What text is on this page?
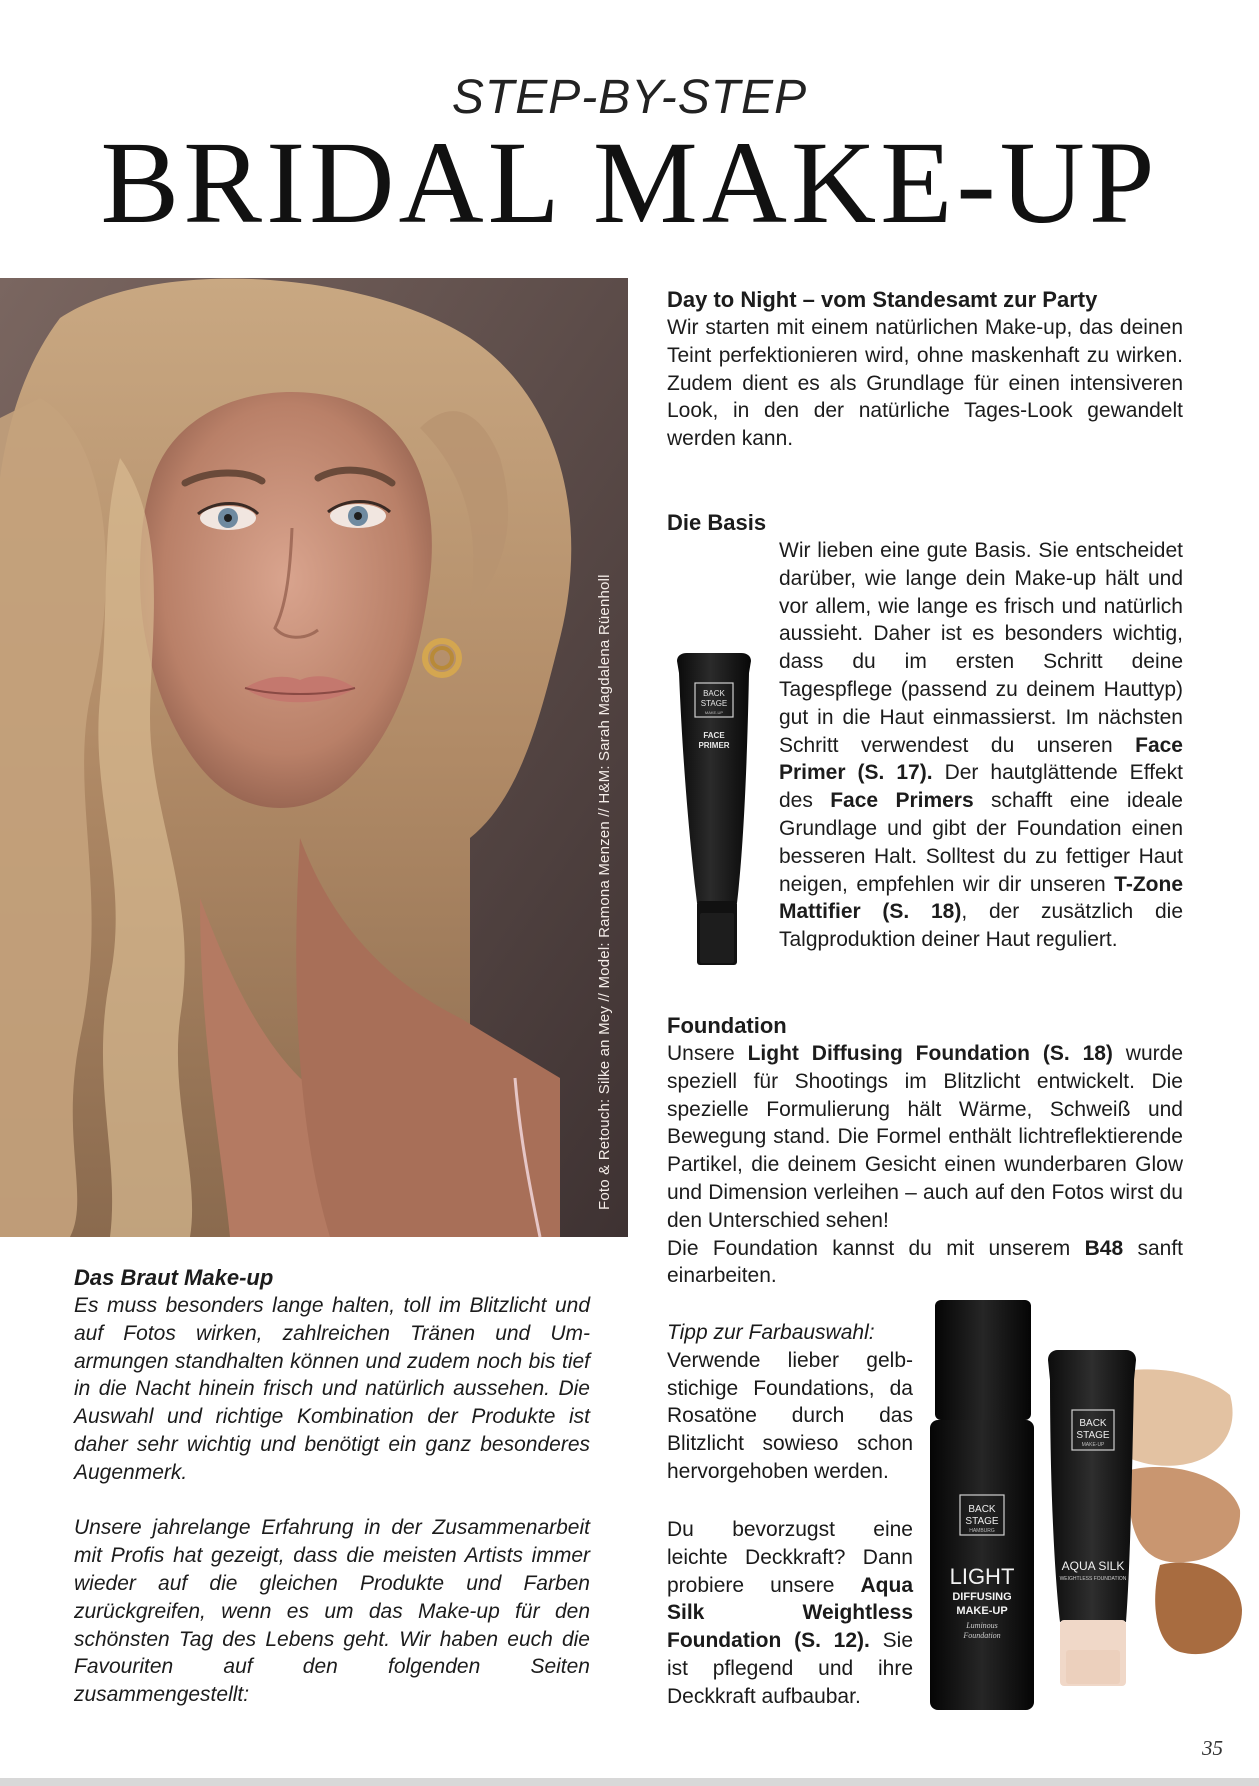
STEP-BY-STEP
BRIDAL MAKE-UP
Foto & Retouch: Silke an Mey // Model: Ramona Menzen // H&M: Sarah Magdalena Rüenholl
Day to Night – vom Standesamt zur Party

Wir starten mit einem natürlichen Make-up, das deinen Teint perfektionieren wird, ohne maskenhaft zu wirken. Zudem dient es als Grundlage für einen intensiveren Look, in den der natürliche Tages-Look gewandelt werden kann.

Die Basis

BACK
STAGE
MAKE-UP
FACE
PRIMER
Wir lieben eine gute Basis. Sie entscheidet darüber, wie lange dein Make-up hält und vor allem, wie lange es frisch und natürlich aussieht. Daher ist es besonders wichtig, dass du im ersten Schritt deine Tagespflege (passend zu deinem Hauttyp) gut in die Haut einmassierst. Im nächsten Schritt verwendest du unseren Face Primer (S. 17). Der hautglättende Effekt des Face Primers schafft eine ideale Grundlage und gibt der Foundation einen besseren Halt. Solltest du zu fettiger Haut neigen, empfehlen wir dir unseren T-Zone Mattifier (S. 18), der zusätzlich die Talgproduktion deiner Haut reguliert.

Foundation

Unsere Light Diffusing Foundation (S. 18) wurde speziell für Shootings im Blitzlicht entwickelt. Die spezielle Formulierung hält Wärme, Schweiß und Bewegung stand. Die Formel enthält lichtreflektierende Partikel, die deinem Gesicht einen wunderbaren Glow und Dimension verleihen – auch auf den Fotos wirst du den Unterschied sehen!

Die Foundation kannst du mit unserem B48 sanft einarbeiten.

Tipp zur Farbauswahl:

Verwende lieber gelbstichige Foundations, da Rosatöne durch das Blitzlicht sowieso schon hervorgehoben werden.

Du bevorzugst eine leichte Deckkraft? Dann probiere unsere Aqua Silk Weightless Foundation (S. 12). Sie ist pflegend und ihre Deckkraft aufbaubar.

BACK
STAGE
HAMBURG
LIGHT
DIFFUSING
MAKE-UP
Luminous
Foundation
BACK
STAGE
MAKE-UP
AQUA SILK
WEIGHTLESS FOUNDATION
Das Braut Make-up

Es muss besonders lange halten, toll im Blitzlicht und auf Fotos wirken, zahlreichen Tränen und Umarmungen standhalten können und zudem noch bis tief in die Nacht hinein frisch und natürlich aussehen. Die Auswahl und richtige Kombination der Produkte ist daher sehr wichtig und benötigt ein ganz besonderes Augenmerk.

Unsere jahrelange Erfahrung in der Zusammenarbeit mit Profis hat gezeigt, dass die meisten Artists immer wieder auf die gleichen Produkte und Farben zurückgreifen, wenn es um das Make-up für den schönsten Tag des Lebens geht. Wir haben euch die Favouriten auf den folgenden Seiten zusammengestellt:

35
